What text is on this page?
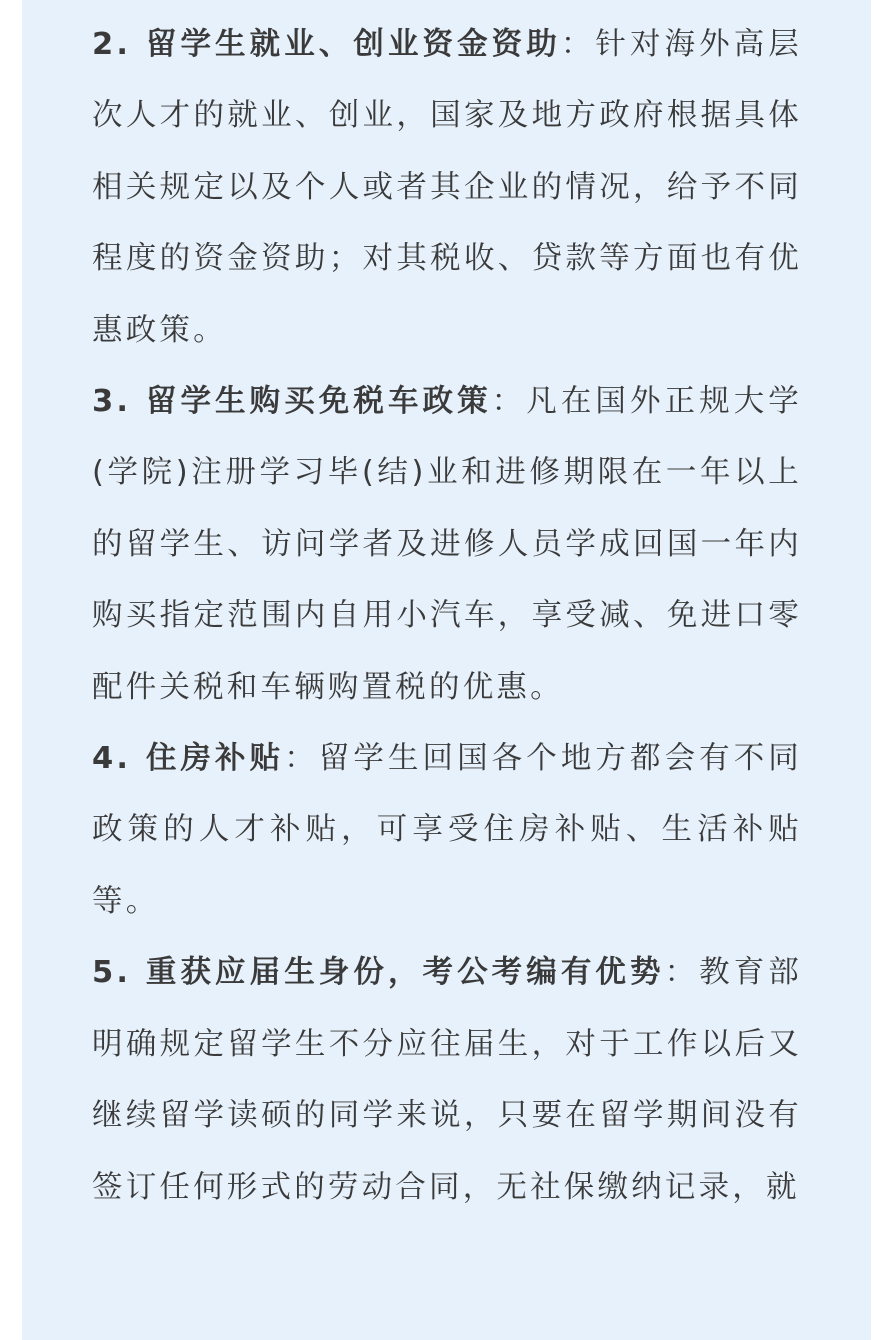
2. 留学生就业、创业资金资助：针对海外高层次人才的就业、创业，国家及地方政府根据具体相关规定以及个人或者其企业的情况，给予不同程度的资金资助；对其税收、贷款等方面也有优惠政策。

3. 留学生购买免税车政策：凡在国外正规大学(学院)注册学习毕(结)业和进修期限在一年以上的留学生、访问学者及进修人员学成回国一年内购买指定范围内自用小汽车，享受减、免进口零配件关税和车辆购置税的优惠。

4. 住房补贴：留学生回国各个地方都会有不同政策的人才补贴，可享受住房补贴、生活补贴等。

5. 重获应届生身份，考公考编有优势：教育部明确规定留学生不分应往届生，对于工作以后又继续留学读硕的同学来说，只要在留学期间没有签订任何形式的劳动合同，无社保缴纳记录，就
